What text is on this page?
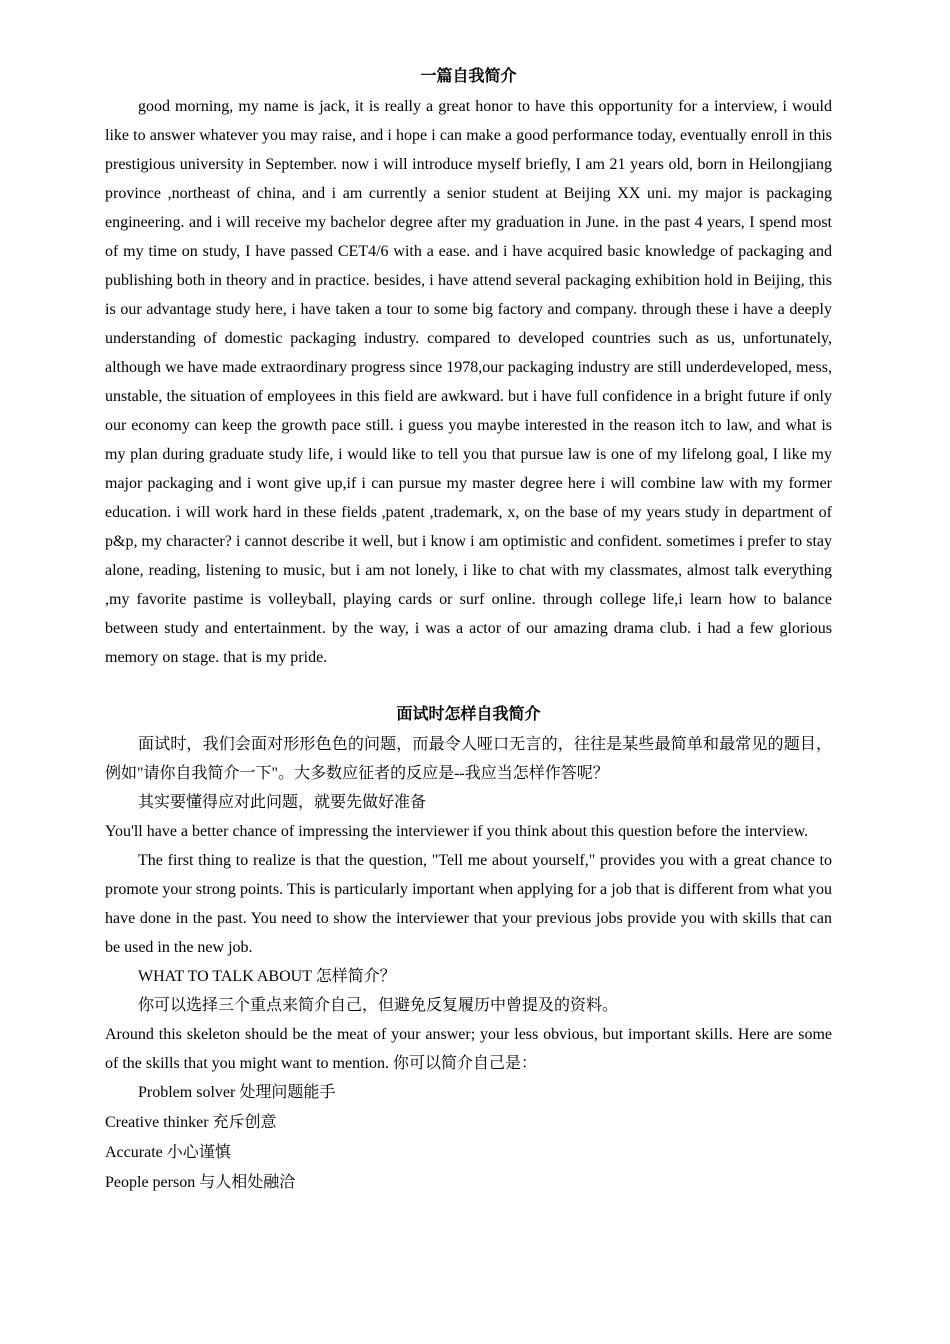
一篇自我简介

good morning, my name is jack, it is really a great honor to have this opportunity for a interview, i would like to answer whatever you may raise, and i hope i can make a good performance today, eventually enroll in this prestigious university in September. now i will introduce myself briefly, I am 21 years old, born in Heilongjiang province ,northeast of china, and i am currently a senior student at Beijing XX uni. my major is packaging engineering. and i will receive my bachelor degree after my graduation in June. in the past 4 years, I spend most of my time on study, I have passed CET4/6 with a ease. and i have acquired basic knowledge of packaging and publishing both in theory and in practice. besides, i have attend several packaging exhibition hold in Beijing, this is our advantage study here, i have taken a tour to some big factory and company. through these i have a deeply understanding of domestic packaging industry. compared to developed countries such as us, unfortunately, although we have made extraordinary progress since 1978,our packaging industry are still underdeveloped, mess, unstable, the situation of employees in this field are awkward. but i have full confidence in a bright future if only our economy can keep the growth pace still. i guess you maybe interested in the reason itch to law, and what is my plan during graduate study life, i would like to tell you that pursue law is one of my lifelong goal, I like my major packaging and i wont give up,if i can pursue my master degree here i will combine law with my former education. i will work hard in these fields ,patent ,trademark, x, on the base of my years study in department of p&p, my character? i cannot describe it well, but i know i am optimistic and confident. sometimes i prefer to stay alone, reading, listening to music, but i am not lonely, i like to chat with my classmates, almost talk everything ,my favorite pastime is volleyball, playing cards or surf online. through college life,i learn how to balance between study and entertainment. by the way, i was a actor of our amazing drama club. i had a few glorious memory on stage. that is my pride.

面试时怎样自我简介

面试时，我们会面对形形色色的问题，而最令人哑口无言的，往往是某些最简单和最常见的题目，例如"请你自我简介一下"。大多数应征者的反应是--我应当怎样作答呢？

其实要懂得应对此问题，就要先做好准备

You'll have a better chance of impressing the interviewer if you think about this question before the interview.

The first thing to realize is that the question, "Tell me about yourself," provides you with a great chance to promote your strong points. This is particularly important when applying for a job that is different from what you have done in the past. You need to show the interviewer that your previous jobs provide you with skills that can be used in the new job.

WHAT TO TALK ABOUT 怎样简介？

你可以选择三个重点来简介自己，但避免反复履历中曾提及的资料。

Around this skeleton should be the meat of your answer; your less obvious, but important skills. Here are some of the skills that you might want to mention. 你可以简介自己是：

Problem solver 处理问题能手

Creative thinker 充斥创意

Accurate 小心谨慎

People person 与人相处融洽
